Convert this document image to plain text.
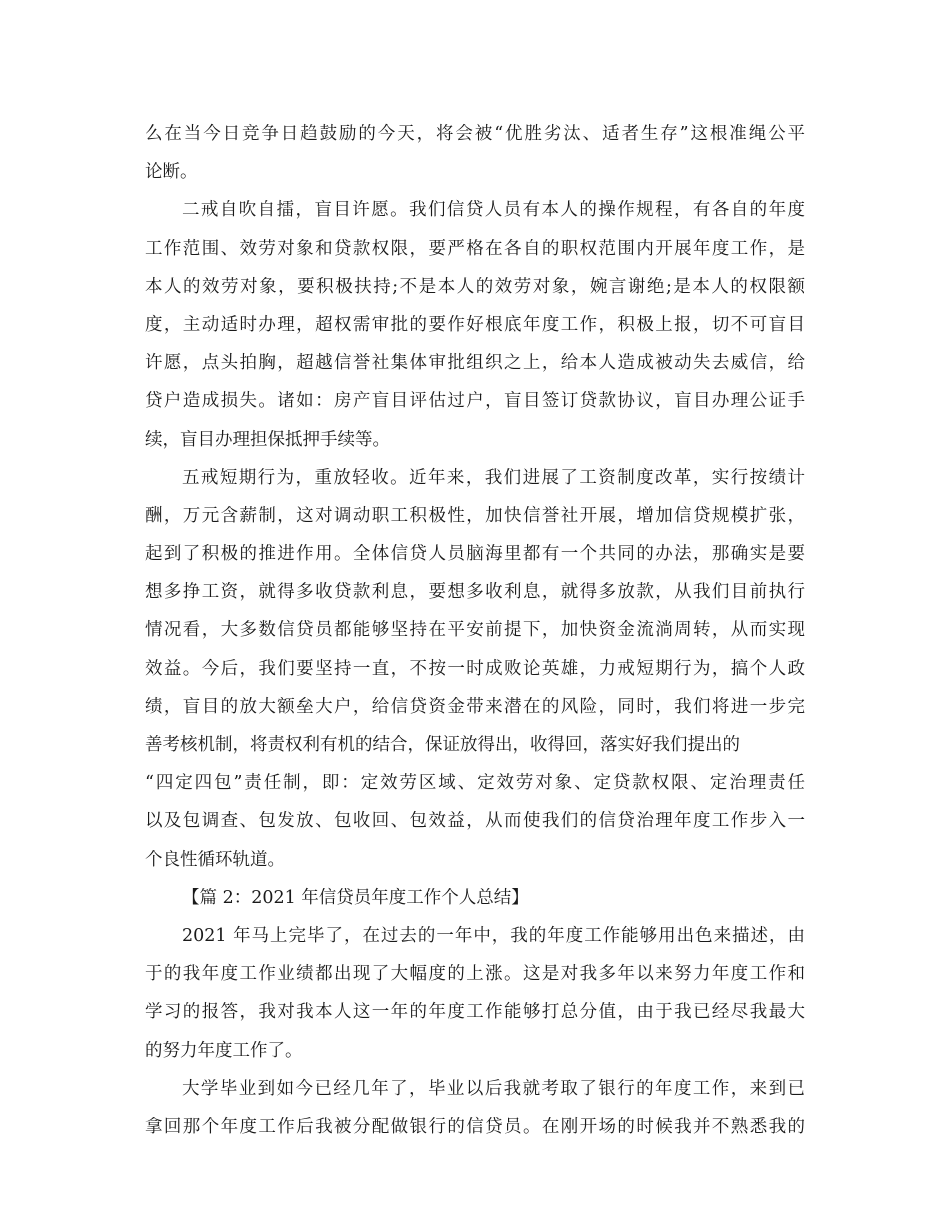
么在当今日竞争日趋鼓励的今天，将会被“优胜劣汰、适者生存”这根准绳公平
论断。
二戒自吹自擂，盲目许愿。我们信贷人员有本人的操作规程，有各自的年度
工作范围、效劳对象和贷款权限，要严格在各自的职权范围内开展年度工作，是
本人的效劳对象，要积极扶持;不是本人的效劳对象，婉言谢绝;是本人的权限额
度，主动适时办理，超权需审批的要作好根底年度工作，积极上报，切不可盲目
许愿，点头拍胸，超越信誉社集体审批组织之上，给本人造成被动失去威信，给
贷户造成损失。诸如：房产盲目评估过户，盲目签订贷款协议，盲目办理公证手
续，盲目办理担保抵押手续等。
五戒短期行为，重放轻收。近年来，我们进展了工资制度改革，实行按绩计
酬，万元含薪制，这对调动职工积极性，加快信誉社开展，增加信贷规模扩张，
起到了积极的推进作用。全体信贷人员脑海里都有一个共同的办法，那确实是要
想多挣工资，就得多收贷款利息，要想多收利息，就得多放款，从我们目前执行
情况看，大多数信贷员都能够坚持在平安前提下，加快资金流淌周转，从而实现
效益。今后，我们要坚持一直，不按一时成败论英雄，力戒短期行为，搞个人政
绩，盲目的放大额垒大户，给信贷资金带来潜在的风险，同时，我们将进一步完
善考核机制，将责权利有机的结合，保证放得出，收得回，落实好我们提出的
“四定四包”责任制，即：定效劳区域、定效劳对象、定贷款权限、定治理责任
以及包调查、包发放、包收回、包效益，从而使我们的信贷治理年度工作步入一
个良性循环轨道。
【篇 2：2021 年信贷员年度工作个人总结】
2021 年马上完毕了，在过去的一年中，我的年度工作能够用出色来描述，由
于的我年度工作业绩都出现了大幅度的上涨。这是对我多年以来努力年度工作和
学习的报答，我对我本人这一年的年度工作能够打总分值，由于我已经尽我最大
的努力年度工作了。
大学毕业到如今已经几年了，毕业以后我就考取了银行的年度工作，来到已
拿回那个年度工作后我被分配做银行的信贷员。在刚开场的时候我并不熟悉我的
